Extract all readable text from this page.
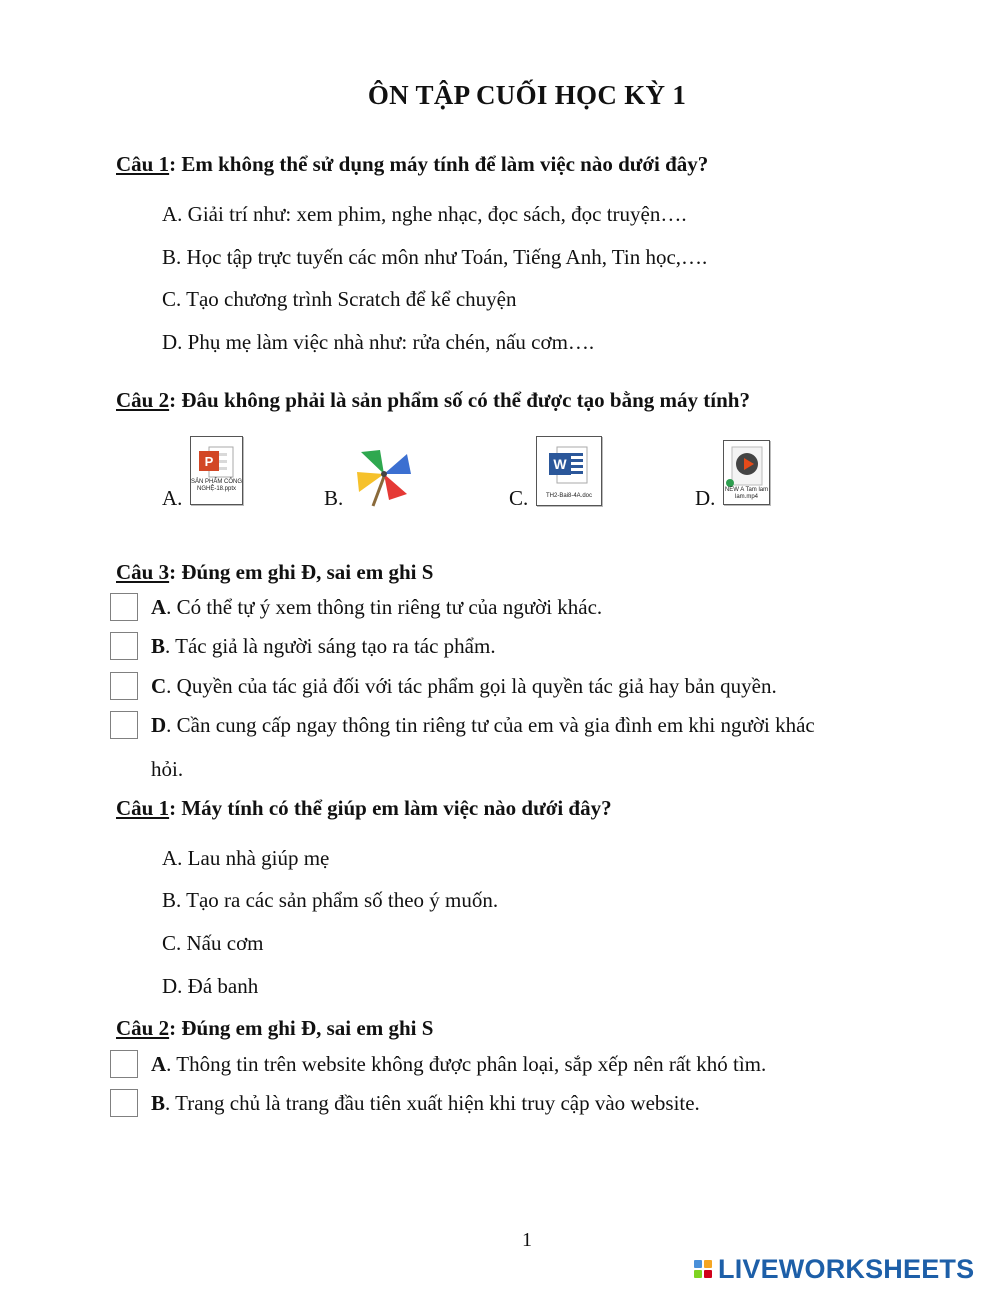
ÔN TẬP CUỐI HỌC KỲ 1
Câu 1: Em không thể sử dụng máy tính để làm việc nào dưới đây?
A. Giải trí như: xem phim, nghe nhạc, đọc sách, đọc truyện….
B. Học tập trực tuyến các môn như Toán, Tiếng Anh, Tin học,….
C. Tạo chương trình Scratch để kể chuyện
D. Phụ mẹ làm việc nhà như: rửa chén, nấu cơm….
Câu 2: Đâu không phải là sản phẩm số có thể được tạo bằng máy tính?
A.
P
SẢN PHẨM CÔNG NGHỆ-18.pptx	B.	C.
W
TH2-Bai8-4A.doc	D. NEW A Tam lam lam.mp4
Câu 3: Đúng em ghi Đ, sai em ghi S
A. Có thể tự ý xem thông tin riêng tư của người khác.
B. Tác giả là người sáng tạo ra tác phẩm.
C. Quyền của tác giả đối với tác phẩm gọi là quyền tác giả hay bản quyền.
D. Cần cung cấp ngay thông tin riêng tư của em và gia đình em khi người khác
hỏi.
Câu 1: Máy tính có thể giúp em làm việc nào dưới đây?
A. Lau nhà giúp mẹ
B. Tạo ra các sản phẩm số theo ý muốn.
C. Nấu cơm
D. Đá banh
Câu 2: Đúng em ghi Đ, sai em ghi S
A. Thông tin trên website không được phân loại, sắp xếp nên rất khó tìm.
B. Trang chủ là trang đầu tiên xuất hiện khi truy cập vào website.
1
LIVEWORKSHEETS
